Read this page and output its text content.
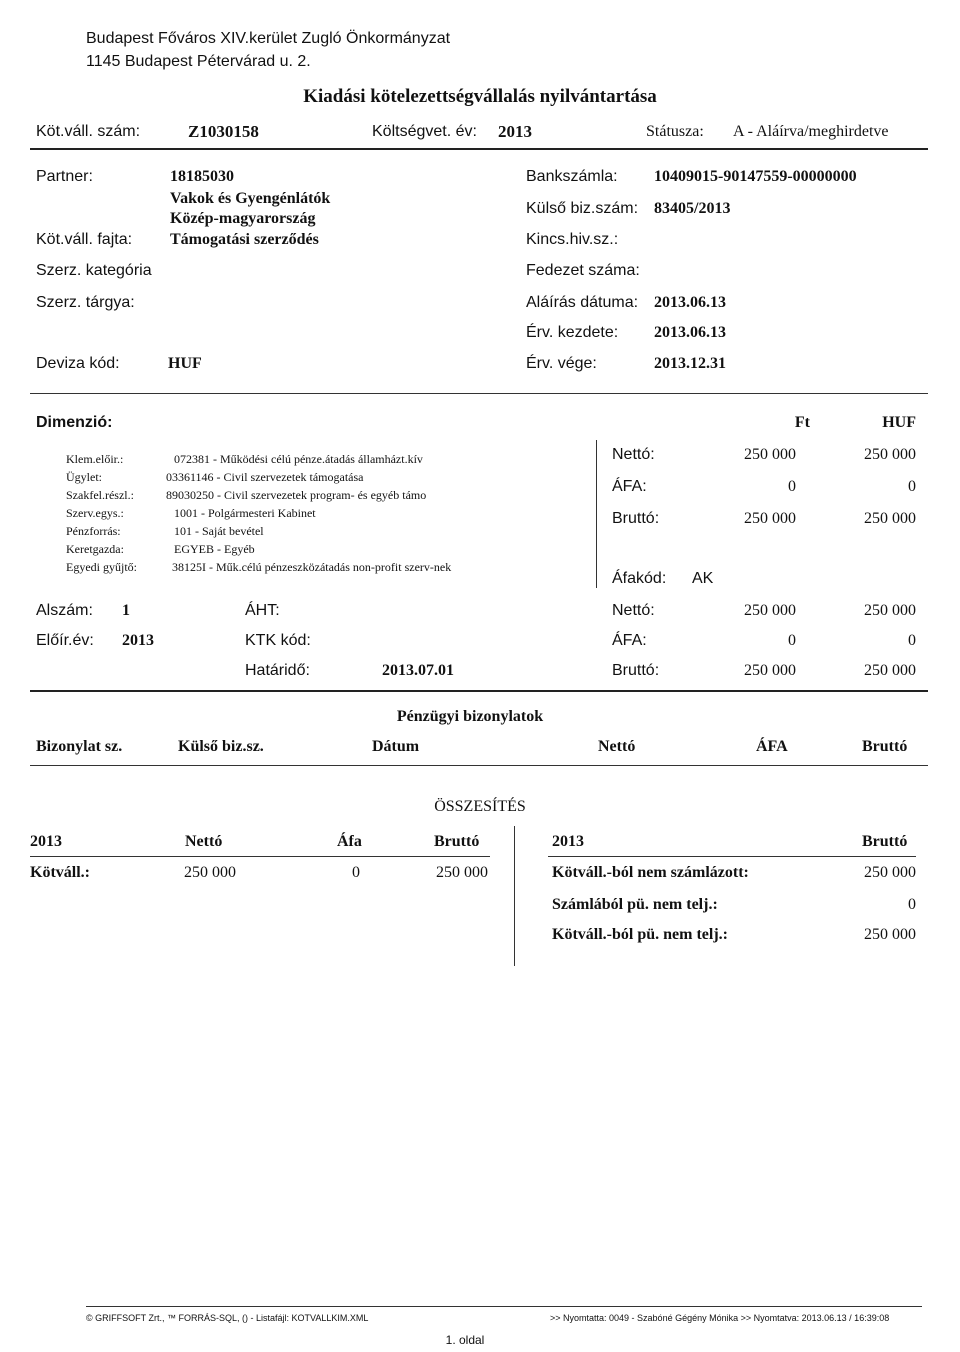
Budapest Főváros XIV.kerület Zugló Önkormányzat
1145 Budapest Pétervárad u. 2.
Kiadási kötelezettségvállalás nyilvántartása
Köt.váll. szám:	Z1030158	Költségvet. év: 2013	Státusza: A - Aláírva/meghirdetve
Partner:	18185030
Vakok és Gyengénlátók
Közép-magyarország
Köt.váll. fajta: Támogatási szerződés
Szerz. kategória
Szerz. tárgya:
Deviza kód:	HUF
Bankszámla: 10409015-90147559-00000000
Külső biz.szám: 83405/2013
Kincs.hiv.sz.:
Fedezet száma:
Aláírás dátuma: 2013.06.13
Érv. kezdete: 2013.06.13
Érv. vége:	2013.12.31
Dimenzió:	Ft	HUF
Klem.előir.:	072381 - Működési célú pénze.átadás államházt.kív
Ügylet:	03361146 - Civil szervezetek támogatása
Szakfel.részl.:	89030250 - Civil szervezetek program- és egyéb támo
Szerv.egys.:	1001 - Polgármesteri Kabinet
Pénzforrás:	101 - Saját bevétel
Keretgazda:	EGYEB - Egyéb
Egyedi gyűjtő:	38125I - Műk.célú pénzeszközátadás non-profit szerv-nek
Nettó:	250 000	250 000
ÁFA:	0	0
Bruttó:	250 000	250 000
Áfakód: AK
Alszám: 1	ÁHT:
Előír.év: 2013	KTK kód:
Határidő:	2013.07.01
Nettó:	250 000	250 000
ÁFA:	0	0
Bruttó:	250 000	250 000
Pénzügyi bizonylatok
Bizonylat sz.	Külső biz.sz.	Dátum	Nettó	ÁFA	Bruttó
ÖSSZESÍTÉS
2013	Nettó	Áfa	Bruttó
Kötváll.:	250 000	0	250 000
2013	Bruttó
Kötváll.-ból nem számlázott:	250 000
Számlából pü. nem telj.:	0
Kötváll.-ból pü. nem telj.:	250 000
© GRIFFSOFT Zrt., ™ FORRÁS-SQL, () - Listafájl: KOTVALLKIM.XML	>> Nyomtatta: 0049 - Szabóné Gégény Mónika >> Nyomtatva: 2013.06.13 / 16:39:08
1. oldal
